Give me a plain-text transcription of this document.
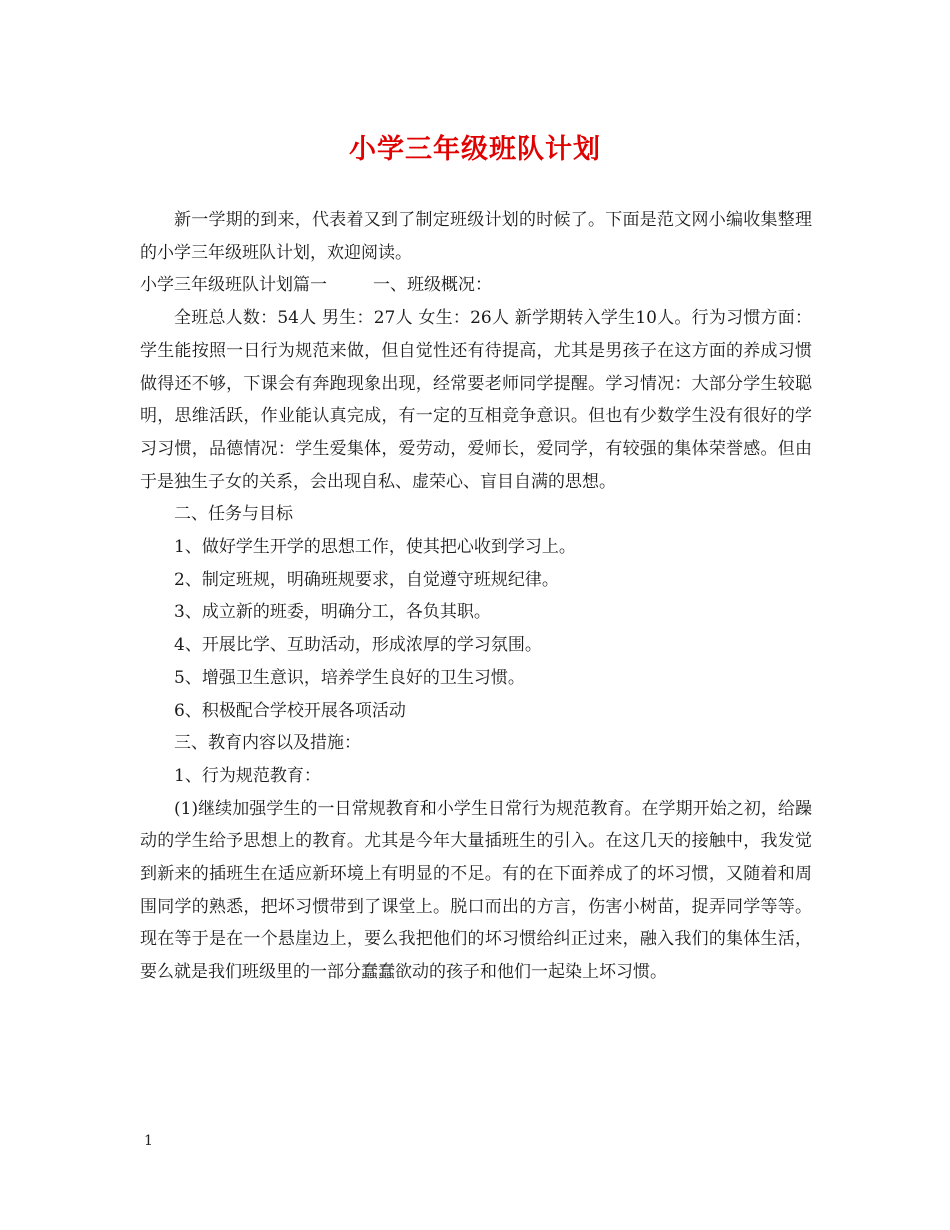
小学三年级班队计划

新一学期的到来，代表着又到了制定班级计划的时候了。下面是范文网小编收集整理的小学三年级班队计划，欢迎阅读。

小学三年级班队计划篇一	一、班级概况：

全班总人数：54人 男生：27人 女生：26人 新学期转入学生10人。行为习惯方面：学生能按照一日行为规范来做，但自觉性还有待提高，尤其是男孩子在这方面的养成习惯做得还不够，下课会有奔跑现象出现，经常要老师同学提醒。学习情况：大部分学生较聪明，思维活跃，作业能认真完成，有一定的互相竞争意识。但也有少数学生没有很好的学习习惯，品德情况：学生爱集体，爱劳动，爱师长，爱同学，有较强的集体荣誉感。但由于是独生子女的关系，会出现自私、虚荣心、盲目自满的思想。

二、任务与目标

1、做好学生开学的思想工作，使其把心收到学习上。

2、制定班规，明确班规要求，自觉遵守班规纪律。

3、成立新的班委，明确分工，各负其职。

4、开展比学、互助活动，形成浓厚的学习氛围。

5、增强卫生意识，培养学生良好的卫生习惯。

6、积极配合学校开展各项活动

三、教育内容以及措施：

1、行为规范教育：

(1)继续加强学生的一日常规教育和小学生日常行为规范教育。在学期开始之初，给躁动的学生给予思想上的教育。尤其是今年大量插班生的引入。在这几天的接触中，我发觉到新来的插班生在适应新环境上有明显的不足。有的在下面养成了的坏习惯，又随着和周围同学的熟悉，把坏习惯带到了课堂上。脱口而出的方言，伤害小树苗，捉弄同学等等。现在等于是在一个悬崖边上，要么我把他们的坏习惯给纠正过来，融入我们的集体生活，要么就是我们班级里的一部分蠢蠢欲动的孩子和他们一起染上坏习惯。

1
